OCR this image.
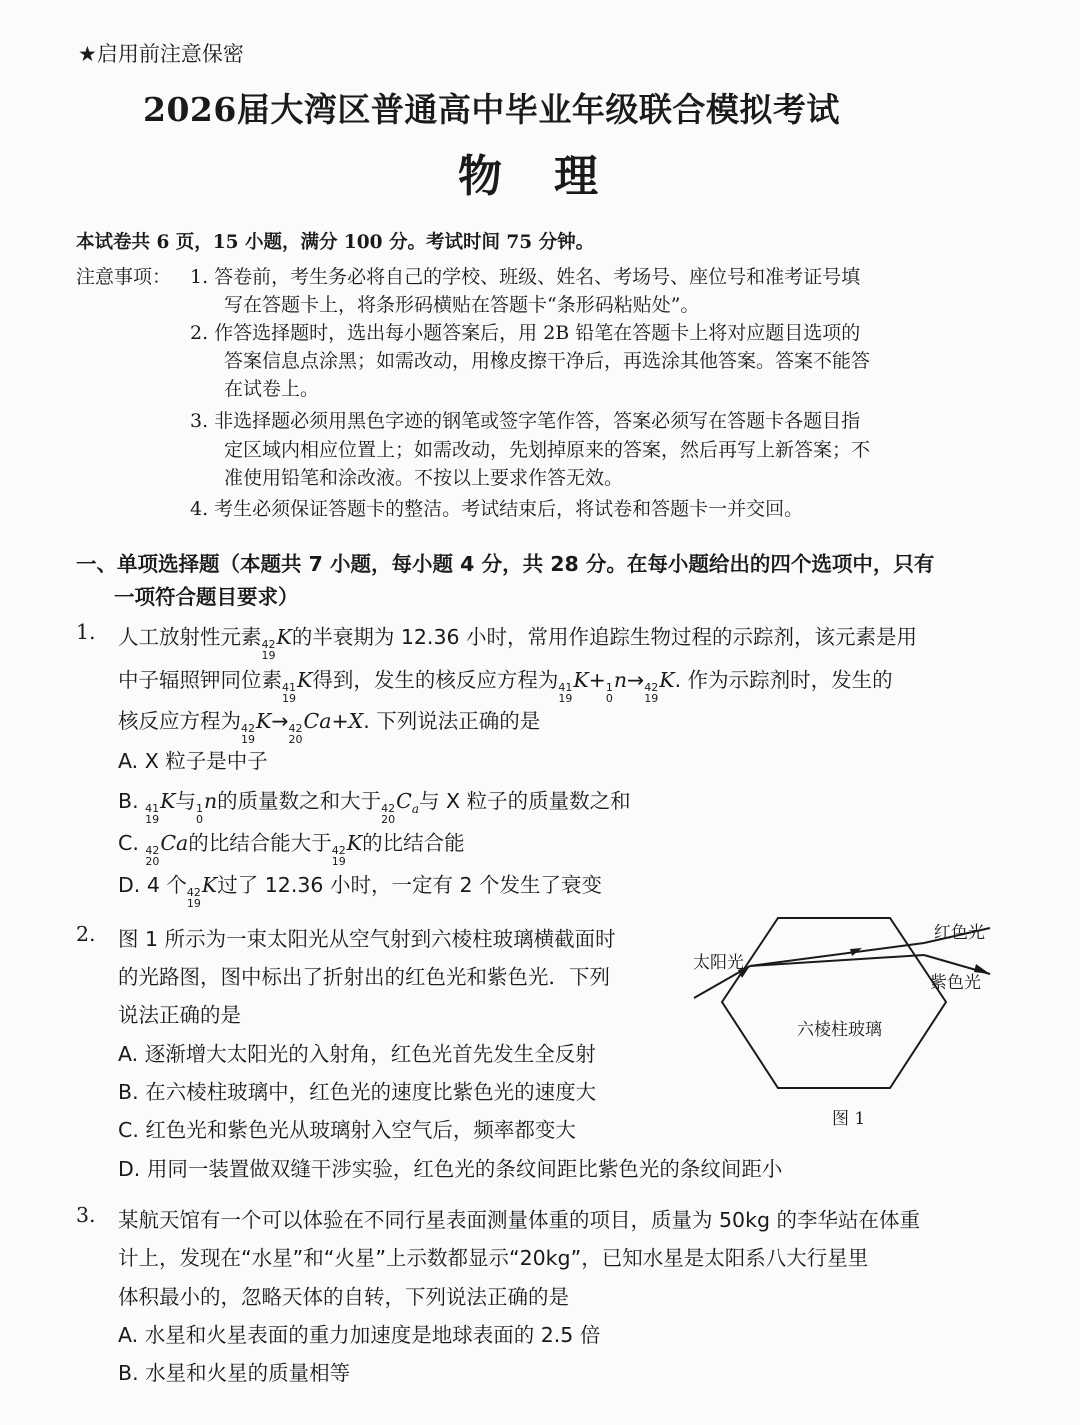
★启用前注意保密
2026届大湾区普通高中毕业年级联合模拟考试
物理
本试卷共 6 页，15 小题，满分 100 分。考试时间 75 分钟。
注意事项： 1. 答卷前，考生务必将自己的学校、班级、姓名、考场号、座位号和准考证号填
写在答题卡上，将条形码横贴在答题卡“条形码粘贴处”。
2. 作答选择题时，选出每小题答案后，用 2B 铅笔在答题卡上将对应题目选项的
答案信息点涂黑；如需改动，用橡皮擦干净后，再选涂其他答案。答案不能答
在试卷上。
3. 非选择题必须用黑色字迹的钢笔或签字笔作答，答案必须写在答题卡各题目指
定区域内相应位置上；如需改动，先划掉原来的答案，然后再写上新答案；不
准使用铅笔和涂改液。不按以上要求作答无效。
4. 考生必须保证答题卡的整洁。考试结束后，将试卷和答题卡一并交回。
一、单项选择题（本题共 7 小题，每小题 4 分，共 28 分。在每小题给出的四个选项中，只有
一项符合题目要求）
1. 人工放射性元素 42
19
K的半衰期为 12.36 小时，常用作追踪生物过程的示踪剂，该元素是用
中子辐照钾同位素 41
19
K得到，发生的核反应方程为 41
19
K+ 1
0
n→ 42
19
K. 作为示踪剂时，发生的
核反应方程为 42
19
K→ 42
20
Ca+X. 下列说法正确的是
A. X 粒子是中子
B. 41
19
K与 1
0
n的质量数之和大于 42
20
$C_a$与 X 粒子的质量数之和
C. 42
20
Ca的比结合能大于 42
19
K的比结合能
D. 4 个 42
19
K过了 12.36 小时，一定有 2 个发生了衰变
2. 图 1 所示为一束太阳光从空气射到六棱柱玻璃横截面时
的光路图，图中标出了折射出的红色光和紫色光．下列
说法正确的是
A. 逐渐增大太阳光的入射角，红色光首先发生全反射
B. 在六棱柱玻璃中，红色光的速度比紫色光的速度大
C. 红色光和紫色光从玻璃射入空气后，频率都变大
D. 用同一装置做双缝干涉实验，红色光的条纹间距比紫色光的条纹间距小
太阳光
红色光
紫色光
六棱柱玻璃
图 1
3. 某航天馆有一个可以体验在不同行星表面测量体重的项目，质量为 50kg 的李华站在体重
计上，发现在“水星”和“火星”上示数都显示“20kg”，已知水星是太阳系八大行星里
体积最小的，忽略天体的自转，下列说法正确的是
A. 水星和火星表面的重力加速度是地球表面的 2.5 倍
B. 水星和火星的质量相等
